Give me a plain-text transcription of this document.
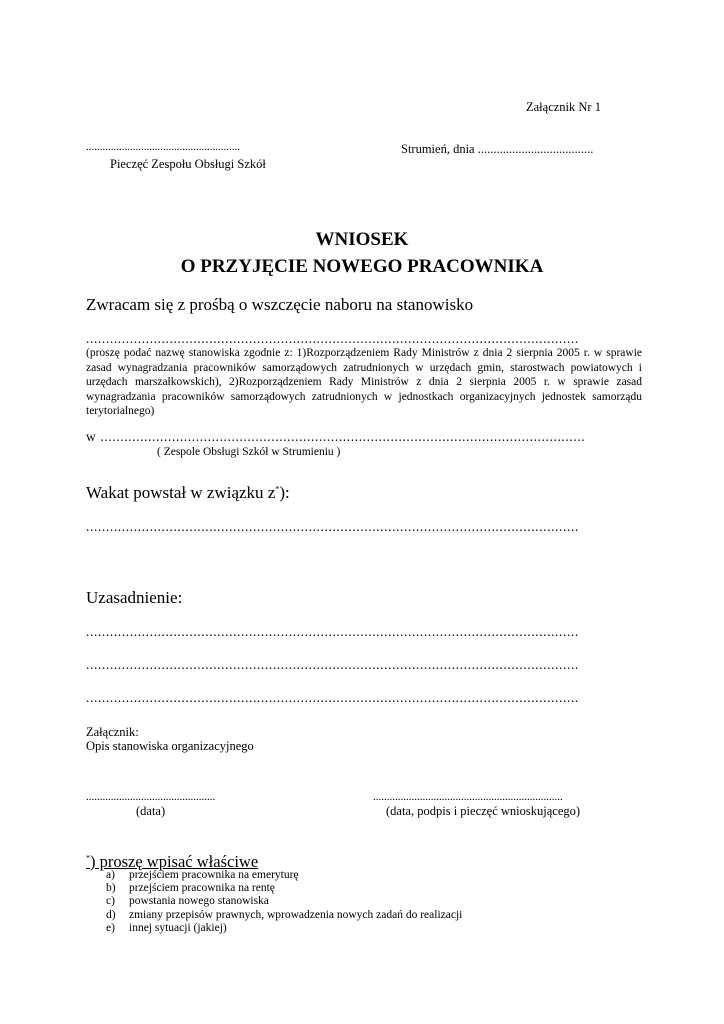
Załącznik Nr 1
........................................................
Pieczęć Zespołu Obsługi Szkół
Strumień, dnia .....................................
WNIOSEK
O PRZYJĘCIE NOWEGO PRACOWNIKA
Zwracam się z prośbą o wszczęcie naboru na stanowisko
............................................................................................................................
(proszę podać nazwę stanowiska zgodnie z: 1)Rozporządzeniem Rady Ministrów z dnia 2 sierpnia 2005 r. w sprawie zasad wynagradzania pracowników samorządowych zatrudnionych w urzędach gmin, starostwach powiatowych i urzędach marszałkowskich), 2)Rozporządzeniem Rady Ministrów z dnia 2 sierpnia 2005 r. w sprawie zasad wynagradzania pracowników samorządowych zatrudnionych w jednostkach organizacyjnych jednostek samorządu terytorialnego)
w ..........................................................................................................................
( Zespole Obsługi Szkół w Strumieniu )
Wakat powstał w związku z*):
............................................................................................................................
Uzasadnienie:
............................................................................................................................
............................................................................................................................
............................................................................................................................
Załącznik:
Opis stanowiska organizacyjnego
...............................................
(data)
.....................................................................
(data, podpis i pieczęć wnioskującego)
*) proszę wpisać właściwe
a)	przejściem pracownika na emeryturę
b)	przejściem pracownika na rentę
c)	powstania nowego stanowiska
d)	zmiany przepisów prawnych, wprowadzenia nowych zadań do realizacji
e)	innej sytuacji (jakiej)
